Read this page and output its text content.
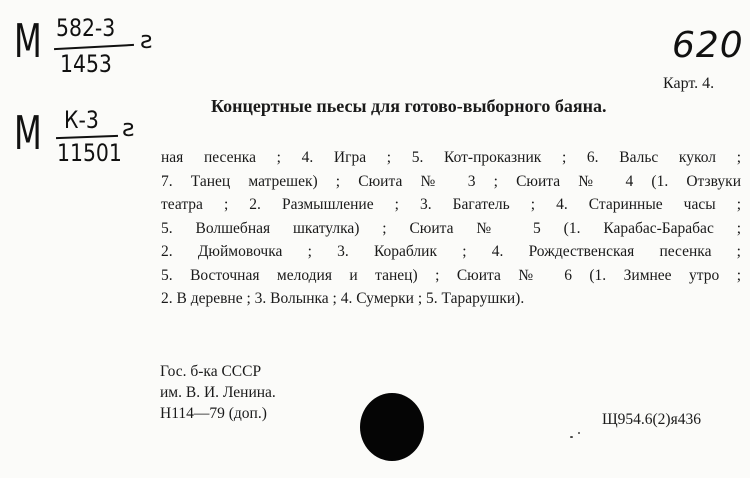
М 582-3
1453
ƨ
М К-3
11501
ƨ
620
Карт. 4.
Концертные пьесы для готово-выборного баяна.
ная песенка ; 4. Игра ; 5. Кот-проказник ; 6. Вальс кукол ;
7. Танец матрешек) ; Сюита № 3 ; Сюита № 4 (1. Отзвуки
театра ; 2. Размышление ; 3. Багатель ; 4. Старинные часы ;
5. Волшебная шкатулка) ; Сюита № 5 (1. Карабас-Барабас ;
2. Дюймовочка ; 3. Кораблик ; 4. Рождественская песенка ;
5. Восточная мелодия и танец) ; Сюита № 6 (1. Зимнее утро ;
2. В деревне ; 3. Волынка ; 4. Сумерки ; 5. Тарарушки).
Гос. б-ка СССР
им. В. И. Ленина.
Н114—79 (доп.)	Щ954.6(2)я436
